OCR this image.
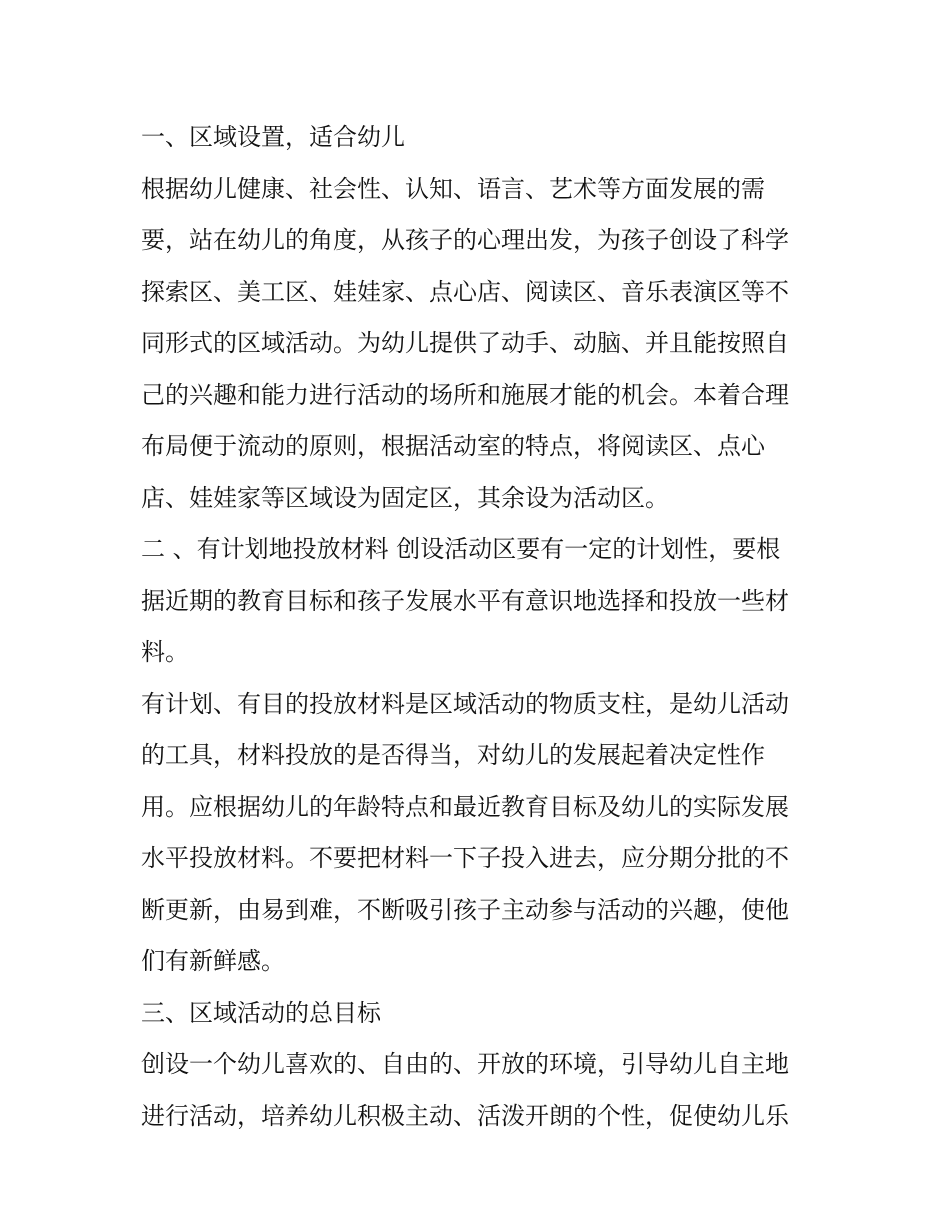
一、区域设置，适合幼儿

根据幼儿健康、社会性、认知、语言、艺术等方面发展的需

要，站在幼儿的角度，从孩子的心理出发，为孩子创设了科学

探索区、美工区、娃娃家、点心店、阅读区、音乐表演区等不

同形式的区域活动。为幼儿提供了动手、动脑、并且能按照自

己的兴趣和能力进行活动的场所和施展才能的机会。本着合理

布局便于流动的原则，根据活动室的特点，将阅读区、点心

店、娃娃家等区域设为固定区，其余设为活动区。

二 、有计划地投放材料 创设活动区要有一定的计划性，要根

据近期的教育目标和孩子发展水平有意识地选择和投放一些材

料。

有计划、有目的投放材料是区域活动的物质支柱，是幼儿活动

的工具，材料投放的是否得当，对幼儿的发展起着决定性作

用。应根据幼儿的年龄特点和最近教育目标及幼儿的实际发展

水平投放材料。不要把材料一下子投入进去，应分期分批的不

断更新，由易到难，不断吸引孩子主动参与活动的兴趣，使他

们有新鲜感。

三、区域活动的总目标

创设一个幼儿喜欢的、自由的、开放的环境，引导幼儿自主地

进行活动，培养幼儿积极主动、活泼开朗的个性，促使幼儿乐
